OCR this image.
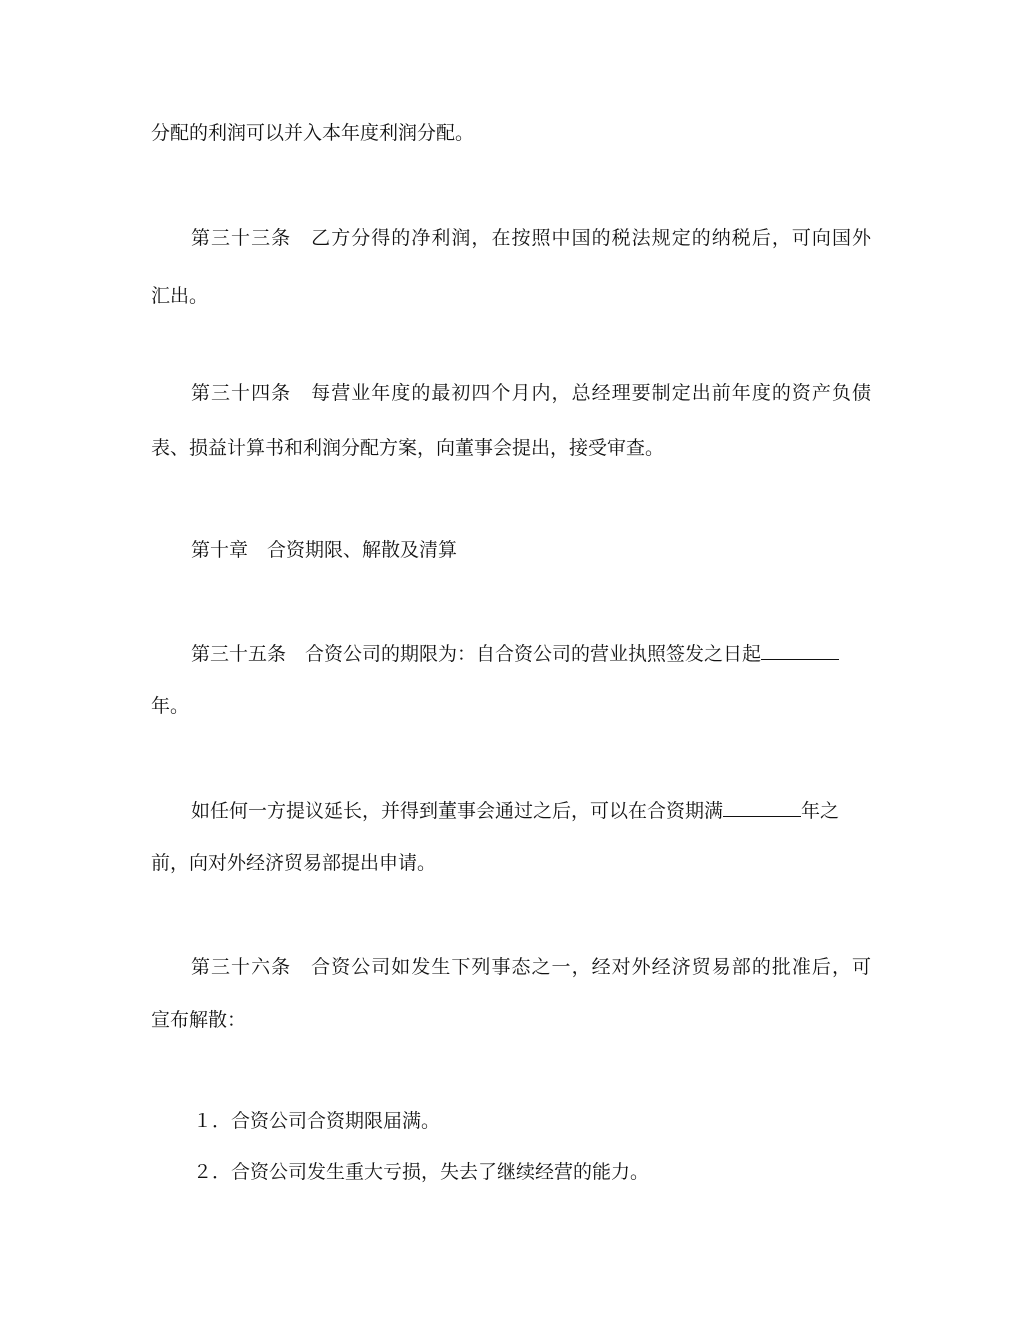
分配的利润可以并入本年度利润分配。
第三十三条　乙方分得的净利润，在按照中国的税法规定的纳税后，可向国外
汇出。
第三十四条　每营业年度的最初四个月内，总经理要制定出前年度的资产负债
表、损益计算书和利润分配方案，向董事会提出，接受审查。
第十章　合资期限、解散及清算
第三十五条　合资公司的期限为：自合资公司的营业执照签发之日起
年。
如任何一方提议延长，并得到董事会通过之后，可以在合资期满	年之
前，向对外经济贸易部提出申请。
第三十六条　合资公司如发生下列事态之一，经对外经济贸易部的批准后，可
宣布解散：
１．合资公司合资期限届满。
２．合资公司发生重大亏损，失去了继续经营的能力。
